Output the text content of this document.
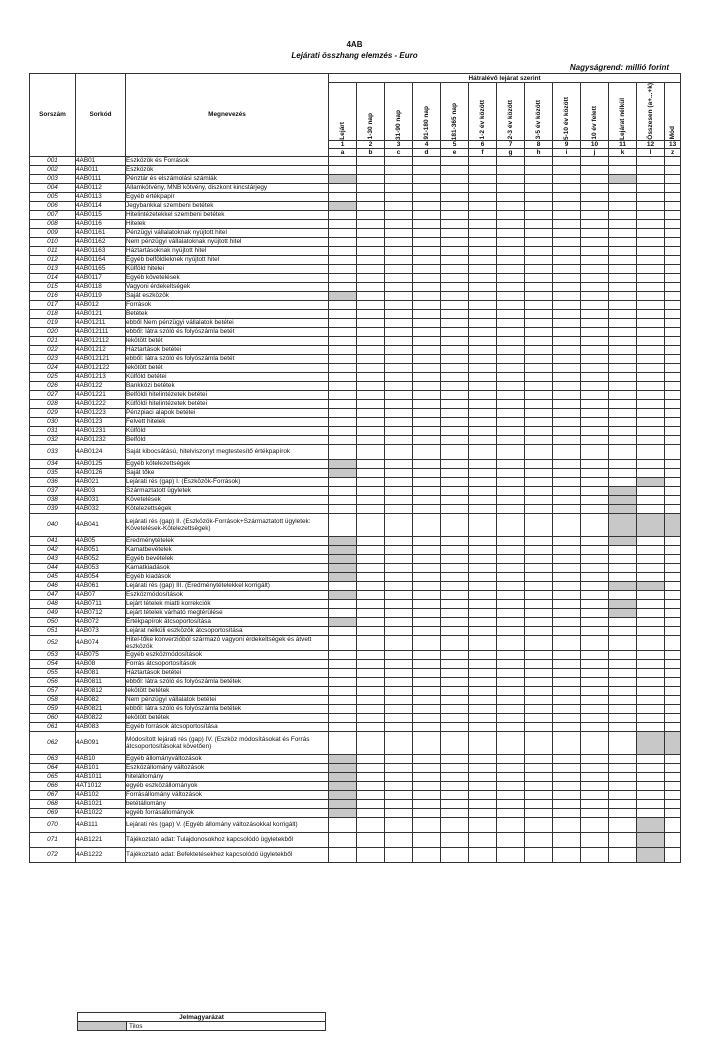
4AB
Lejárati összhang elemzés - Euro
Nagyságrend: millió forint
Sorszám	Sorkód	Megnevezés	Hátralévő lejárat szerint												

			Lejárt	1-30 nap	31-90 nap	91-180 nap	181-365 nap	1-2 év között	2-3 év között	3-5 év között	5-10 év között	10 év felett	Lejárat nélkül	Összesen (a+...+k)	Mód

			1	2	3	4	5	6	7	8	9	10	11	12	13
			a	b	c	d	e	f	g	h	i	j	k	l	z
001	4AB01	Eszközök és Források													
002	4AB011	Eszközök													
003	4AB0111	Pénztár és elszámolási számlák													
004	4AB0112	Államkötvény, MNB kötvény, diszkont kincstárjegy													
005	4AB0113	Egyéb értékpapír													
006	4AB0114	Jegybankkal szembeni betétek													
007	4AB0115	Hitelintézetekkel szembeni betétek													
008	4AB0116	Hitelek													
009	4AB01161	Pénzügyi vállalatoknak nyújtott hitel													
010	4AB01162	Nem pénzügyi vállalatoknak nyújtott hitel													
011	4AB01163	Háztartásoknak nyújtott hitel													
012	4AB01164	Egyéb belföldieknek nyújtott hitel													
013	4AB01165	Külföld hitelei													
014	4AB0117	Egyéb követelések													
015	4AB0118	Vagyoni érdekeltségek													
016	4AB0119	Saját eszközök													
017	4AB012	Források													
018	4AB0121	Betétek													
019	4AB01211	ebből Nem pénzügyi vállalatok betétei													
020	4AB012111	ebből: látra szóló és folyószámla betét													
021	4AB012112	lekötött betét													
022	4AB01212	Háztartások betétei													
023	4AB012121	ebből: látra szóló és folyószámla betét													
024	4AB012122	lekötött betét													
025	4AB01213	Külföld betétei													
026	4AB0122	Bankközi betétek													
027	4AB01221	Belföldi hitelintézetek betétei													
028	4AB01222	Külföldi hitelintézetek betétei													
029	4AB01223	Pénzpiaci alapok betétei													
030	4AB0123	Felvett hitelek													
031	4AB01231	Külföld													
032	4AB01232	Belföld													
033	4AB0124	Saját kibocsátású, hitelviszonyt megtestesítő értékpapírok													
034	4AB0125	Egyéb kötelezettségek													
035	4AB0126	Saját tőke													
036	4AB021	Lejárati rés (gap) I. (Eszközök-Források)													
037	4AB03	Származtatott ügyletek													
038	4AB031	Követelések													
039	4AB032	Kötelezettségek													
040	4AB041	Lejárati rés (gap) II. (Eszközök-Források+Származtatott ügyletek: Követelések-Kötelezettségek)													
041	4AB05	Eredménytételek													
042	4AB051	Kamatbevételek													
043	4AB052	Egyéb bevételek													
044	4AB053	Kamatkiadások													
045	4AB054	Egyéb kiadások													
046	4AB061	Lejárati rés (gap) III. (Eredménytételekkel korrigált)													
047	4AB07	Eszközmódosítások													
048	4AB0711	Lejárt tételek miatti korrekciók													
049	4AB0712	Lejárt tételek várható megtérülése													
050	4AB072	Értékpapírok átcsoportosítása													
051	4AB073	Lejárat nélküli eszközök átcsoportosítása													
052	4AB074	Hitel-tőke konverzióból származó vagyoni érdekeltségek és átvett eszközök													
053	4AB075	Egyéb eszközmódosítások													
054	4AB08	Forrás átcsoportosítások													
055	4AB081	Háztartások betétei													
056	4AB0811	ebből: látra szóló és folyószámla betétek													
057	4AB0812	lekötött betétek													
058	4AB082	Nem pénzügyi vállalatok betétei													
059	4AB0821	ebből: látra szóló és folyószámla betétek													
060	4AB0822	lekötött betétek													
061	4AB083	Egyéb források átcsoportosítása													
062	4AB091	Módosított lejárati rés (gap) IV. (Eszköz módosításokat és Forrás átcsoportosításokat követően)													
063	4AB10	Egyéb állományváltozások													
064	4AB101	Eszközállomány változások													
065	4AB1011	hitelállomány													
066	4AT1012	egyéb eszközállományok													
067	4AB102	Forrásállomány változások													
068	4AB1021	betétállomány													
069	4AB1022	egyéb forrásállományok													
070	4AB111	Lejárati rés (gap) V. (Egyéb állomány változásokkal korrigált)													
071	4AB1221	Tájékoztató adat: Tulajdonosokhoz kapcsolódó ügyletekből													
072	4AB1222	Tájékoztató adat: Befektetésekhez kapcsolódó ügyletekből													
Jelmagyarázat
	Tilos
